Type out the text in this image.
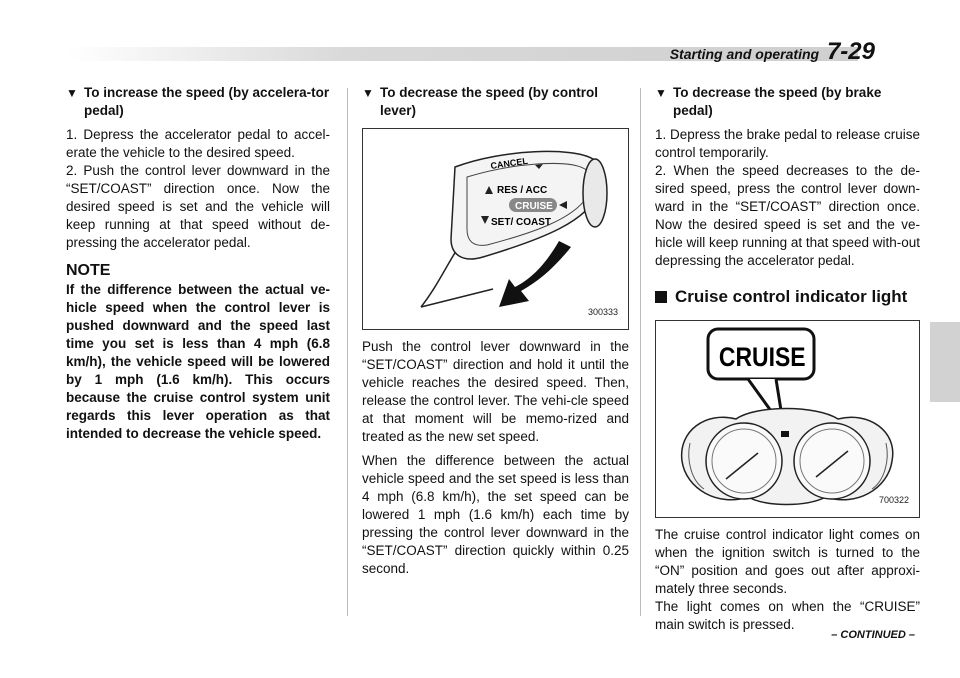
Starting and operating 7-29
▼ To increase the speed (by accelera-tor pedal)

1. Depress the accelerator pedal to accel-erate the vehicle to the desired speed.

2. Push the control lever downward in the “SET/COAST” direction once. Now the desired speed is set and the vehicle will keep running at that speed without de-pressing the accelerator pedal.

NOTE
If the difference between the actual ve-hicle speed when the control lever is pushed downward and the speed last time you set is less than 4 mph (6.8 km/h), the vehicle speed will be lowered by 1 mph (1.6 km/h). This occurs because the cruise control system unit regards this lever operation as that intended to decrease the vehicle speed.
▼ To decrease the speed (by control lever)
CANCEL
RES / ACC
CRUISE
SET/ COAST
300333
Push the control lever downward in the “SET/COAST” direction and hold it until the vehicle reaches the desired speed. Then, release the control lever. The vehi-cle speed at that moment will be memo-rized and treated as the new set speed.
When the difference between the actual vehicle speed and the set speed is less than 4 mph (6.8 km/h), the set speed can be lowered 1 mph (1.6 km/h) each time by pressing the control lever downward in the “SET/COAST” direction quickly within 0.25 second.
▼ To decrease the speed (by brake pedal)

1. Depress the brake pedal to release cruise control temporarily.

2. When the speed decreases to the de-sired speed, press the control lever down-ward in the “SET/COAST” direction once. Now the desired speed is set and the ve-hicle will keep running at that speed with-out depressing the accelerator pedal.

Cruise control indicator light
CRUISE
700322

The cruise control indicator light comes on when the ignition switch is turned to the “ON” position and goes out after approxi-mately three seconds.

The light comes on when the “CRUISE” main switch is pressed.

– CONTINUED –
